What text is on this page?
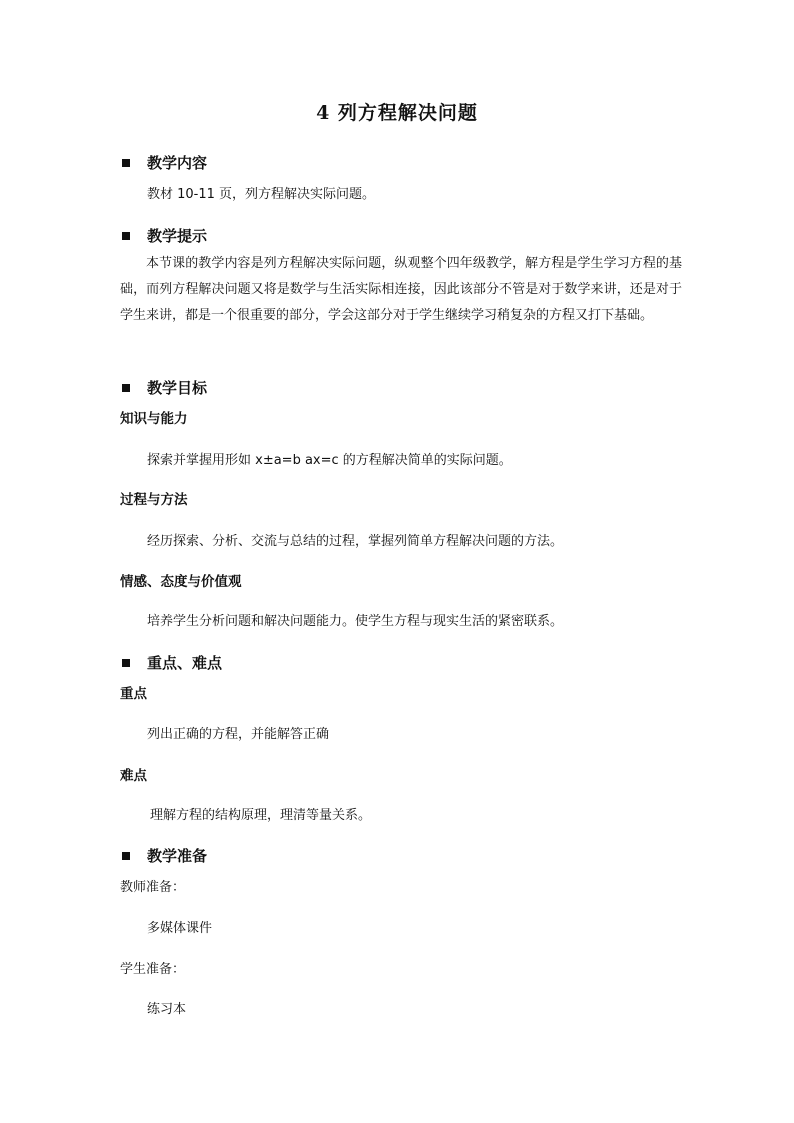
4 列方程解决问题
教学内容
教材 10-11 页，列方程解决实际问题。
教学提示
本节课的教学内容是列方程解决实际问题，纵观整个四年级教学，解方程是学生学习方程的基础，而列方程解决问题又将是数学与生活实际相连接，因此该部分不管是对于数学来讲，还是对于学生来讲，都是一个很重要的部分，学会这部分对于学生继续学习稍复杂的方程又打下基础。
教学目标
知识与能力
探索并掌握用形如 x±a=b ax=c 的方程解决简单的实际问题。
过程与方法
经历探索、分析、交流与总结的过程，掌握列简单方程解决问题的方法。
情感、态度与价值观
培养学生分析问题和解决问题能力。使学生方程与现实生活的紧密联系。
重点、难点
重点
列出正确的方程，并能解答正确
难点
理解方程的结构原理，理清等量关系。
教学准备
教师准备：
多媒体课件
学生准备：
练习本
